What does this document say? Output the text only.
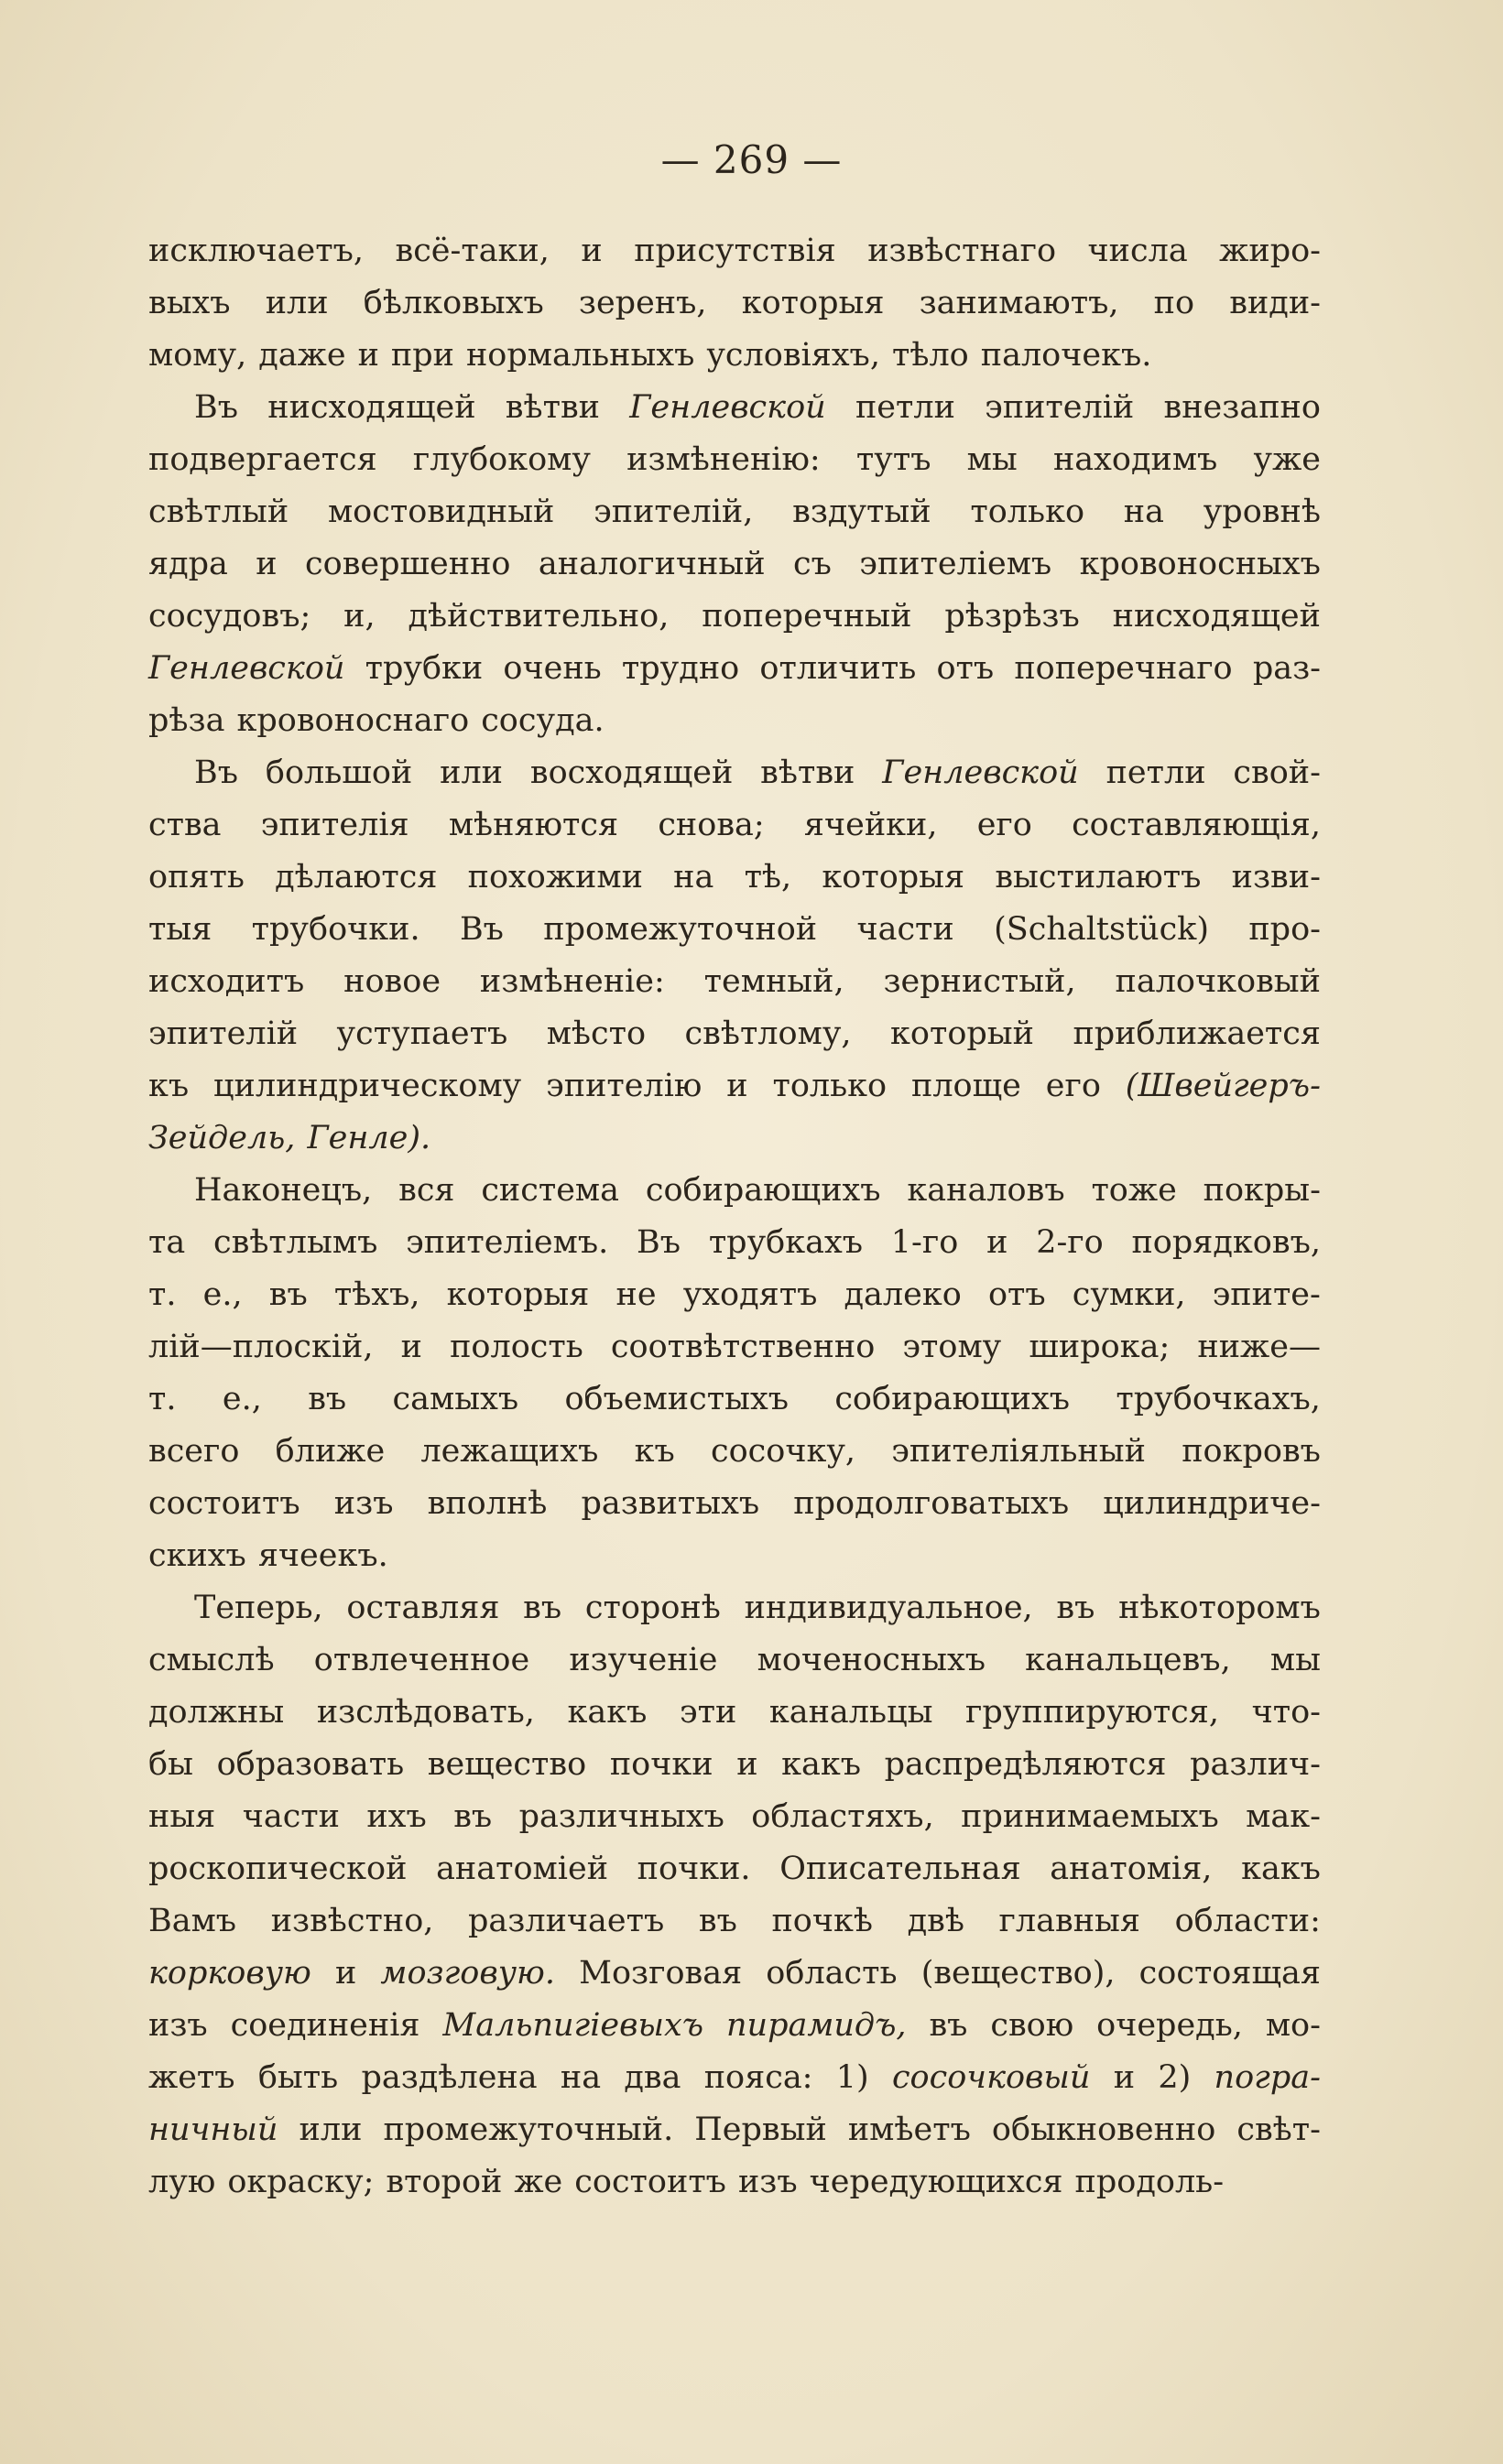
— 269 —
исключаетъ, всё-таки, и присутствія извѣстнаго числа жиро-
выхъ или бѣлковыхъ зеренъ, которыя занимаютъ, по види-
мому, даже и при нормальныхъ условіяхъ, тѣло палочекъ.
Въ нисходящей вѣтви Генлевской петли эпителій внезапно
подвергается глубокому измѣненію: тутъ мы находимъ уже
свѣтлый мостовидный эпителій, вздутый только на уровнѣ
ядра и совершенно аналогичный съ эпителіемъ кровоносныхъ
сосудовъ; и, дѣйствительно, поперечный рѣзрѣзъ нисходящей
Генлевской трубки очень трудно отличить отъ поперечнаго раз-
рѣза кровоноснаго сосуда.
Въ большой или восходящей вѣтви Генлевской петли свой-
ства эпителія мѣняются снова; ячейки, его составляющія,
опять дѣлаются похожими на тѣ, которыя выстилаютъ изви-
тыя трубочки. Въ промежуточной части (Schaltstück) про-
исходитъ новое измѣненіе: темный, зернистый, палочковый
эпителій уступаетъ мѣсто свѣтлому, который приближается
къ цилиндрическому эпителію и только площе его (Швейгеръ-
Зейдель, Генле).
Наконецъ, вся система собирающихъ каналовъ тоже покры-
та свѣтлымъ эпителіемъ. Въ трубкахъ 1-го и 2-го порядковъ,
т. е., въ тѣхъ, которыя не уходятъ далеко отъ сумки, эпите-
лій—плоскій, и полость соотвѣтственно этому широка; ниже—
т. е., въ самыхъ объемистыхъ собирающихъ трубочкахъ,
всего ближе лежащихъ къ сосочку, эпителіяльный покровъ
состоитъ изъ вполнѣ развитыхъ продолговатыхъ цилиндриче-
скихъ ячеекъ.
Теперь, оставляя въ сторонѣ индивидуальное, въ нѣкоторомъ
смыслѣ отвлеченное изученіе моченосныхъ канальцевъ, мы
должны изслѣдовать, какъ эти канальцы группируются, что-
бы образовать вещество почки и какъ распредѣляются различ-
ныя части ихъ въ различныхъ областяхъ, принимаемыхъ мак-
роскопической анатоміей почки. Описательная анатомія, какъ
Вамъ извѣстно, различаетъ въ почкѣ двѣ главныя области:
корковую и мозговую. Мозговая область (вещество), состоящая
изъ соединенія Мальпигіевыхъ пирамидъ, въ свою очередь, мо-
жетъ быть раздѣлена на два пояса: 1) сосочковый и 2) погра-
ничный или промежуточный. Первый имѣетъ обыкновенно свѣт-
лую окраску; второй же состоитъ изъ чередующихся продоль-
